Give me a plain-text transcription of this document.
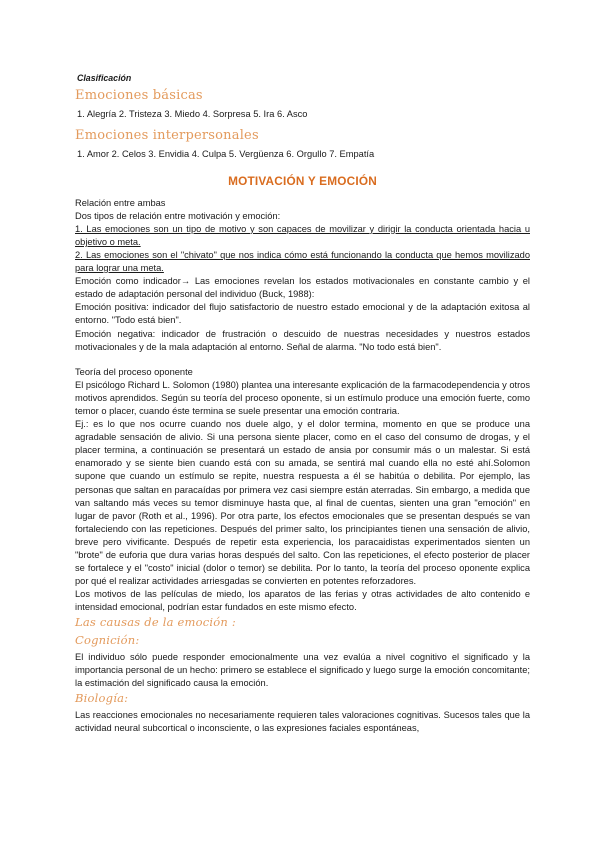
Clasificación
Emociones básicas
1. Alegría 2. Tristeza 3. Miedo 4. Sorpresa 5. Ira 6. Asco
Emociones interpersonales
1. Amor 2. Celos 3. Envidia 4. Culpa 5. Vergüenza 6. Orgullo 7. Empatía
MOTIVACIÓN Y EMOCIÓN

Relación entre ambas

Dos tipos de relación entre motivación y emoción:

1. Las emociones son un tipo de motivo y son capaces de movilizar y dirigir la conducta orientada hacia u objetivo o meta.

2. Las emociones son el "chivato" que nos indica cómo está funcionando la conducta que hemos movilizado para lograr una meta.

Emoción como indicador→ Las emociones revelan los estados motivacionales en constante cambio y el estado de adaptación personal del individuo (Buck, 1988):

Emoción positiva: indicador del flujo satisfactorio de nuestro estado emocional y de la adaptación exitosa al entorno. "Todo está bien".

Emoción negativa: indicador de frustración o descuido de nuestras necesidades y nuestros estados motivacionales y de la mala adaptación al entorno. Señal de alarma. "No todo está bien".

Teoría del proceso oponente

El psicólogo Richard L. Solomon (1980) plantea una interesante explicación de la farmacodependencia y otros motivos aprendidos. Según su teoría del proceso oponente, si un estímulo produce una emoción fuerte, como temor o placer, cuando éste termina se suele presentar una emoción contraria.

Ej.: es lo que nos ocurre cuando nos duele algo, y el dolor termina, momento en que se produce una agradable sensación de alivio. Si una persona siente placer, como en el caso del consumo de drogas, y el placer termina, a continuación se presentará un estado de ansia por consumir más o un malestar. Si está enamorado y se siente bien cuando está con su amada, se sentirá mal cuando ella no esté ahí.Solomon supone que cuando un estímulo se repite, nuestra respuesta a él se habitúa o debilita. Por ejemplo, las personas que saltan en paracaídas por primera vez casi siempre están aterradas. Sin embargo, a medida que van saltando más veces su temor disminuye hasta que, al final de cuentas, sienten una gran "emoción" en lugar de pavor (Roth et al., 1996). Por otra parte, los efectos emocionales que se presentan después se van fortaleciendo con las repeticiones. Después del primer salto, los principiantes tienen una sensación de alivio, breve pero vivificante. Después de repetir esta experiencia, los paracaidistas experimentados sienten un "brote" de euforia que dura varias horas después del salto. Con las repeticiones, el efecto posterior de placer se fortalece y el "costo" inicial (dolor o temor) se debilita. Por lo tanto, la teoría del proceso oponente explica por qué el realizar actividades arriesgadas se convierten en potentes reforzadores.

Los motivos de las películas de miedo, los aparatos de las ferias y otras actividades de alto contenido e intensidad emocional, podrían estar fundados en este mismo efecto.

Las causas de la emoción :
Cognición:

El individuo sólo puede responder emocionalmente una vez evalúa a nivel cognitivo el significado y la importancia personal de un hecho: primero se establece el significado y luego surge la emoción concomitante; la estimación del significado causa la emoción.

Biología:

Las reacciones emocionales no necesariamente requieren tales valoraciones cognitivas. Sucesos tales que la actividad neural subcortical o inconsciente, o las expresiones faciales espontáneas,
